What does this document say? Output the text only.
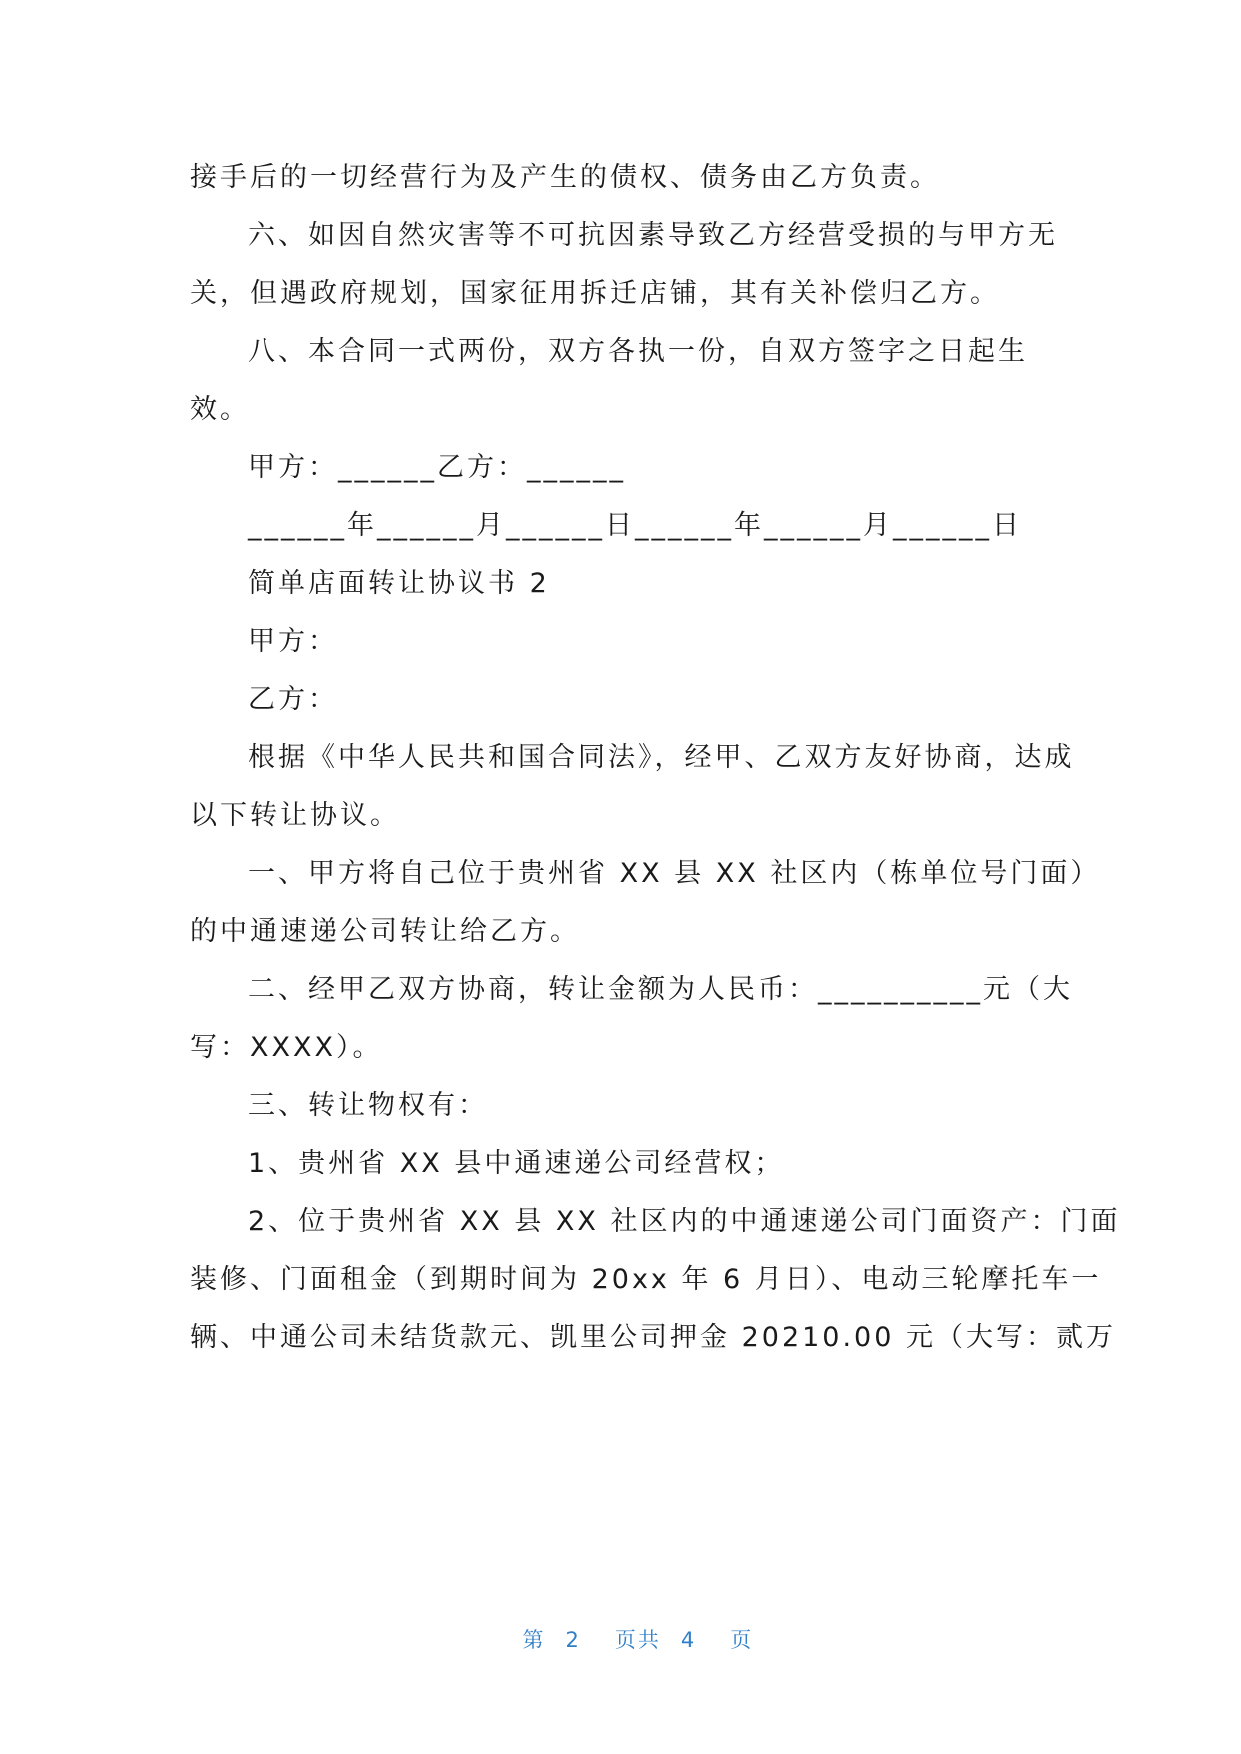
接手后的一切经营行为及产生的债权、债务由乙方负责。
六、如因自然灾害等不可抗因素导致乙方经营受损的与甲方无
关，但遇政府规划，国家征用拆迁店铺，其有关补偿归乙方。
八、本合同一式两份，双方各执一份，自双方签字之日起生
效。
甲方：______乙方：______
______年______月______日______年______月______日
简单店面转让协议书 2
甲方：
乙方：
根据《中华人民共和国合同法》，经甲、乙双方友好协商，达成
以下转让协议。
一、甲方将自己位于贵州省 XX 县 XX 社区内（栋单位号门面）
的中通速递公司转让给乙方。
二、经甲乙双方协商，转让金额为人民币：__________元（大
写：XXXX）。
三、转让物权有：
1、贵州省 XX 县中通速递公司经营权；
2、位于贵州省 XX 县 XX 社区内的中通速递公司门面资产：门面
装修、门面租金（到期时间为 20xx 年 6 月日）、电动三轮摩托车一
辆、中通公司未结货款元、凯里公司押金 20210.00 元（大写：贰万

第 2 页共 4 页
